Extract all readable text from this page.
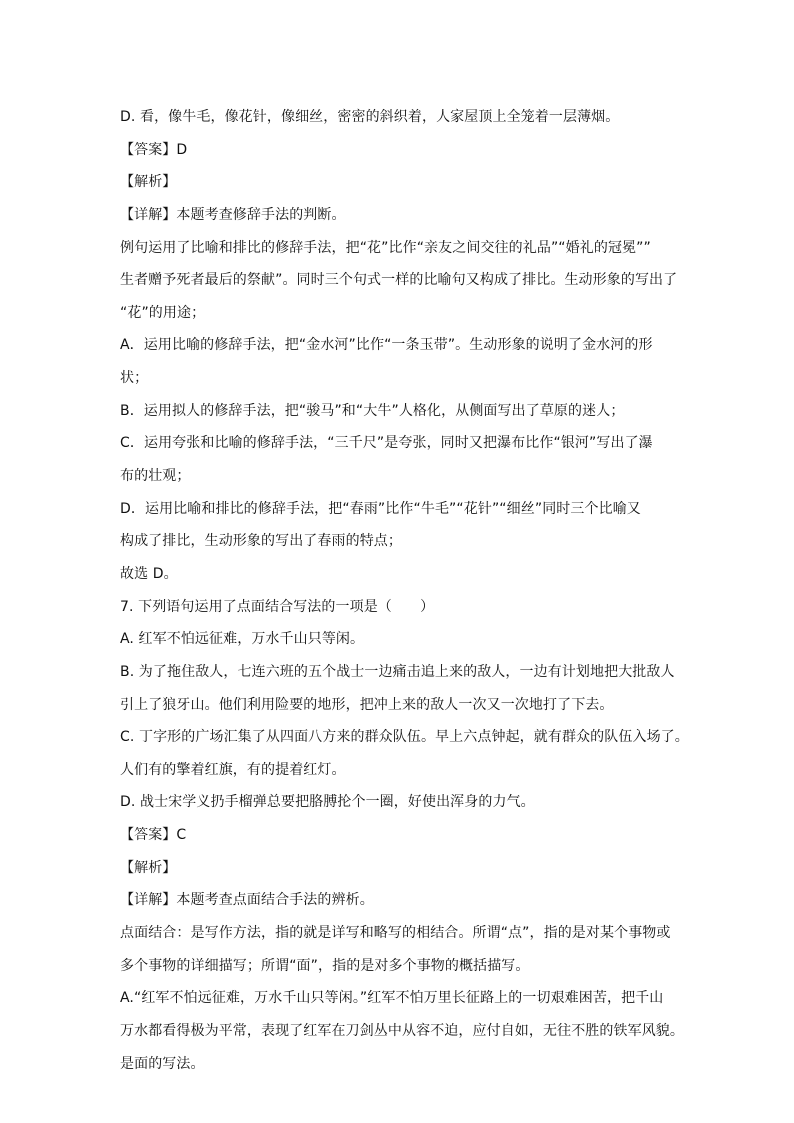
D. 看，像牛毛，像花针，像细丝，密密的斜织着，人家屋顶上全笼着一层薄烟。
【答案】D
【解析】
【详解】本题考查修辞手法的判断。
例句运用了比喻和排比的修辞手法，把“花”比作“亲友之间交往的礼品”“婚礼的冠冕””
生者赠予死者最后的祭献”。同时三个句式一样的比喻句又构成了排比。生动形象的写出了
“花”的用途；
A．运用比喻的修辞手法，把“金水河”比作“一条玉带”。生动形象的说明了金水河的形
状；
B．运用拟人的修辞手法，把“骏马”和“大牛”人格化，从侧面写出了草原的迷人；
C．运用夸张和比喻的修辞手法，“三千尺”是夸张，同时又把瀑布比作“银河”写出了瀑
布的壮观；
D．运用比喻和排比的修辞手法，把“春雨”比作“牛毛”“花针”“细丝”同时三个比喻又
构成了排比，生动形象的写出了春雨的特点；
故选 D。
7. 下列语句运用了点面结合写法的一项是（　　）
A. 红军不怕远征难，万水千山只等闲。
B. 为了拖住敌人，七连六班的五个战士一边痛击追上来的敌人，一边有计划地把大批敌人
引上了狼牙山。他们利用险要的地形，把冲上来的敌人一次又一次地打了下去。
C. 丁字形的广场汇集了从四面八方来的群众队伍。早上六点钟起，就有群众的队伍入场了。
人们有的擎着红旗，有的提着红灯。
D. 战士宋学义扔手榴弹总要把胳膊抡个一圈，好使出浑身的力气。
【答案】C
【解析】
【详解】本题考查点面结合手法的辨析。
点面结合：是写作方法，指的就是详写和略写的相结合。所谓“点”，指的是对某个事物或
多个事物的详细描写；所谓“面”，指的是对多个事物的概括描写。
A.“红军不怕远征难，万水千山只等闲。”红军不怕万里长征路上的一切艰难困苦，把千山
万水都看得极为平常，表现了红军在刀剑丛中从容不迫，应付自如，无往不胜的铁军风貌。
是面的写法。
